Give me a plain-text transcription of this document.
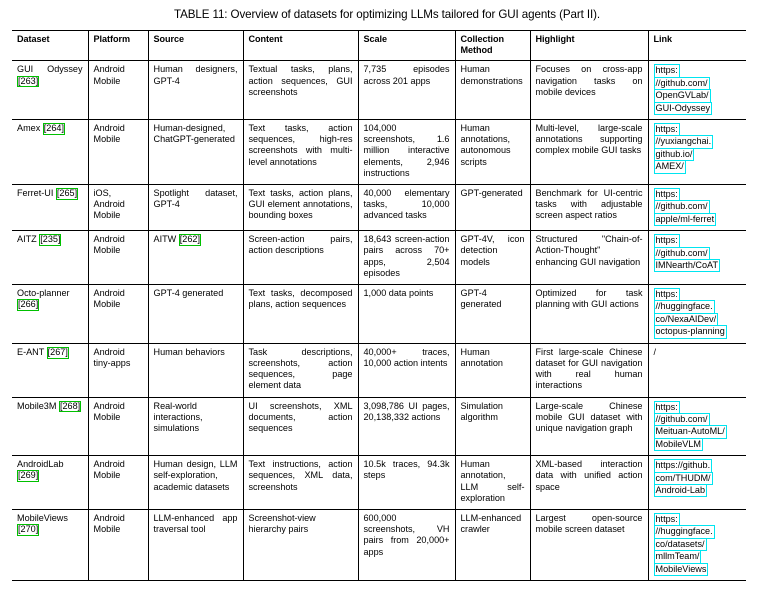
TABLE 11: Overview of datasets for optimizing LLMs tailored for GUI agents (Part II).
Dataset	Platform	Source	Content	Scale	Collection Method	Highlight	Link
GUI Odyssey [263]	Android Mobile	Human designers, GPT-4	Textual tasks, plans, action sequences, GUI screenshots	7,735 episodes across 201 apps	Human demonstrations	Focuses on cross-app navigation tasks on mobile devices	https:
//github.com/
OpenGVLab/
GUI-Odyssey

Amex [264]	Android Mobile	Human-designed, ChatGPT-generated	Text tasks, action sequences, high-res screenshots with multi-level annotations	104,000 screenshots, 1.6 million interactive elements, 2,946 instructions	Human annotations, autonomous scripts	Multi-level, large-scale annotations supporting complex mobile GUI tasks	https:
//yuxiangchai.
github.io/
AMEX/

Ferret-UI [265]	iOS, Android Mobile	Spotlight dataset, GPT-4	Text tasks, action plans, GUI element annotations, bounding boxes	40,000 elementary tasks, 10,000 advanced tasks	GPT-generated	Benchmark for UI-centric tasks with adjustable screen aspect ratios	https:
//github.com/
apple/ml-ferret

AITZ [235]	Android Mobile	AITW [262]	Screen-action pairs, action descriptions	18,643 screen-action pairs across 70+ apps, 2,504 episodes	GPT-4V, icon detection models	Structured "Chain-of-Action-Thought" enhancing GUI navigation	https:
//github.com/
IMNearth/CoAT

Octo-planner [266]	Android Mobile	GPT-4 generated	Text tasks, decomposed plans, action sequences	1,000 data points	GPT-4 generated	Optimized for task planning with GUI actions	https:
//huggingface.
co/NexaAIDev/
octopus-planning

E-ANT [267]	Android tiny-apps	Human behaviors	Task descriptions, screenshots, action sequences, page element data	40,000+ traces, 10,000 action intents	Human annotation	First large-scale Chinese dataset for GUI navigation with real human interactions	/

Mobile3M [268]	Android Mobile	Real-world interactions, simulations	UI screenshots, XML documents, action sequences	3,098,786 UI pages, 20,138,332 actions	Simulation algorithm	Large-scale Chinese mobile GUI dataset with unique navigation graph	https:
//github.com/
Meituan-AutoML/
MobileVLM

AndroidLab [269]	Android Mobile	Human design, LLM self-exploration, academic datasets	Text instructions, action sequences, XML data, screenshots	10.5k traces, 94.3k steps	Human annotation, LLM self-exploration	XML-based interaction data with unified action space	https://github.
com/THUDM/
Android-Lab

MobileViews [270]	Android Mobile	LLM-enhanced app traversal tool	Screenshot-view hierarchy pairs	600,000 screenshots, VH pairs from 20,000+ apps	LLM-enhanced crawler	Largest open-source mobile screen dataset	https:
//huggingface.
co/datasets/
mllmTeam/
MobileViews
